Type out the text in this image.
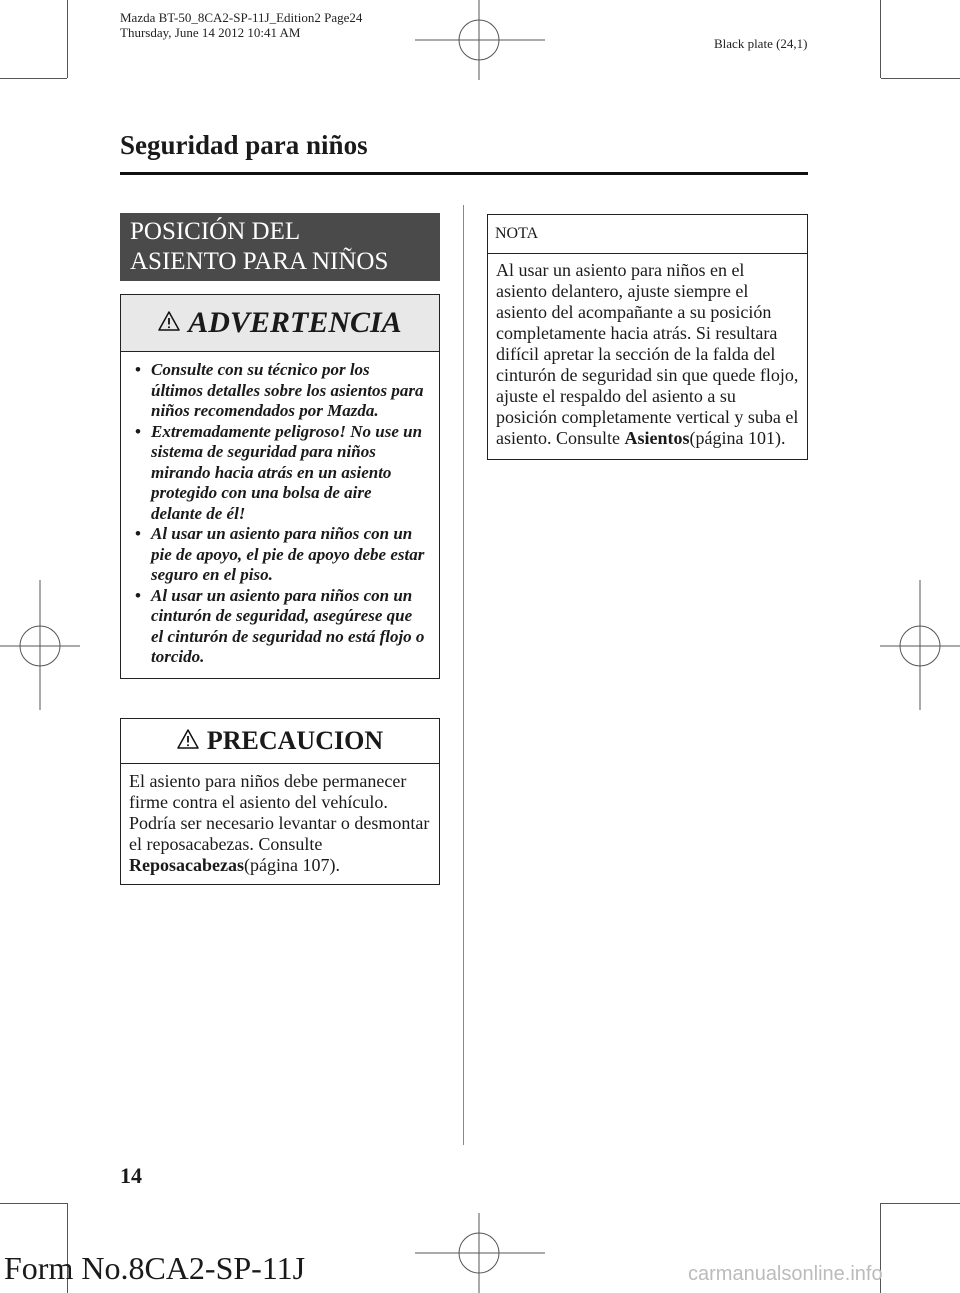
Mazda BT-50_8CA2-SP-11J_Edition2 Page24
Thursday, June 14 2012 10:41 AM
Black plate (24,1)
Seguridad para niños
POSICIÓN DEL
ASIENTO PARA NIÑOS
ADVERTENCIA
• Consulte con su técnico por los últimos detalles sobre los asientos para niños recomendados por Mazda.
• Extremadamente peligroso! No use un sistema de seguridad para niños mirando hacia atrás en un asiento protegido con una bolsa de aire delante de él!
• Al usar un asiento para niños con un pie de apoyo, el pie de apoyo debe estar seguro en el piso.
• Al usar un asiento para niños con un cinturón de seguridad, asegúrese que el cinturón de seguridad no está flojo o torcido.
PRECAUCION
El asiento para niños debe permanecer firme contra el asiento del vehículo. Podría ser necesario levantar o desmontar el reposacabezas. Consulte Reposacabezas(página 107).
NOTA
Al usar un asiento para niños en el asiento delantero, ajuste siempre el asiento del acompañante a su posición completamente hacia atrás. Si resultara difícil apretar la sección de la falda del cinturón de seguridad sin que quede flojo, ajuste el respaldo del asiento a su posición completamente vertical y suba el asiento. Consulte Asientos(página 101).
14
Form No.8CA2-SP-11J	carmanualsonline.info
